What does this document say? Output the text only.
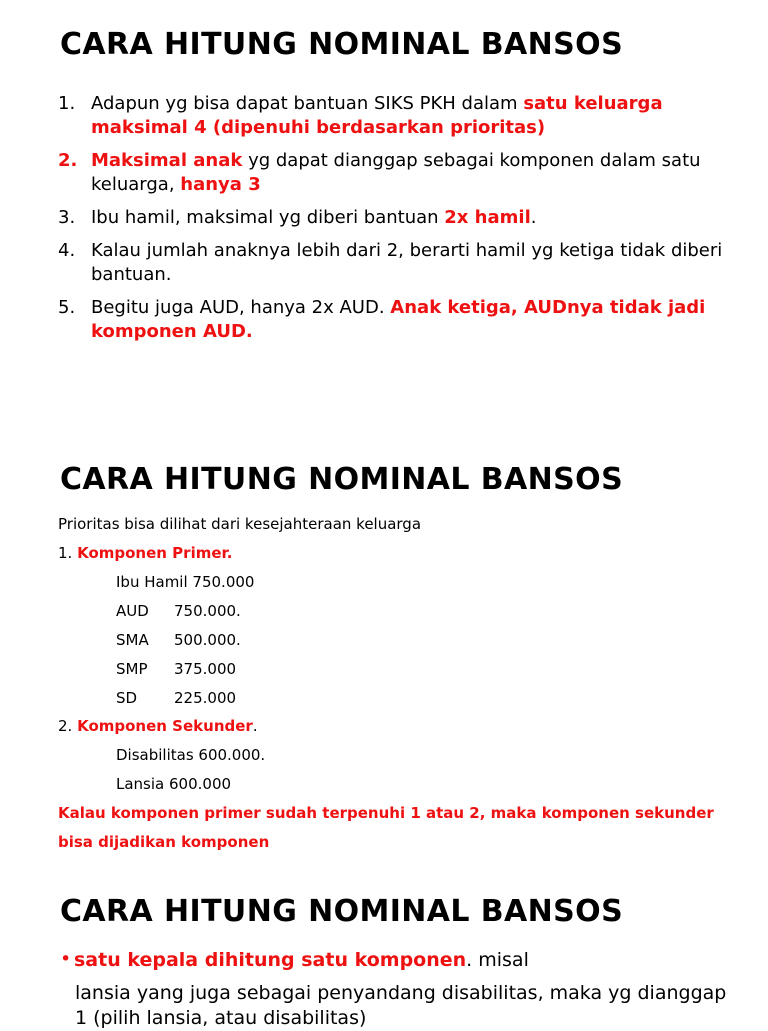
CARA HITUNG NOMINAL BANSOS
1. Adapun yg bisa dapat bantuan SIKS PKH dalam satu keluarga maksimal 4 (dipenuhi berdasarkan prioritas)
2. Maksimal anak yg dapat dianggap sebagai komponen dalam satu keluarga, hanya 3
3. Ibu hamil, maksimal yg diberi bantuan 2x hamil.
4. Kalau jumlah anaknya lebih dari 2, berarti hamil yg ketiga tidak diberi bantuan.
5. Begitu juga AUD, hanya 2x AUD. Anak ketiga, AUDnya tidak jadi komponen AUD.
CARA HITUNG NOMINAL BANSOS
Prioritas bisa dilihat dari kesejahteraan keluarga
1. Komponen Primer.
Ibu Hamil 750.000
AUD 750.000.
SMA 500.000.
SMP 375.000
SD 225.000
2. Komponen Sekunder.
Disabilitas 600.000.
Lansia 600.000
Kalau komponen primer sudah terpenuhi 1 atau 2, maka komponen sekunder
bisa dijadikan komponen
CARA HITUNG NOMINAL BANSOS
• satu kepala dihitung satu komponen. misal
lansia yang juga sebagai penyandang disabilitas, maka yg dianggap 1 (pilih lansia, atau disabilitas)
